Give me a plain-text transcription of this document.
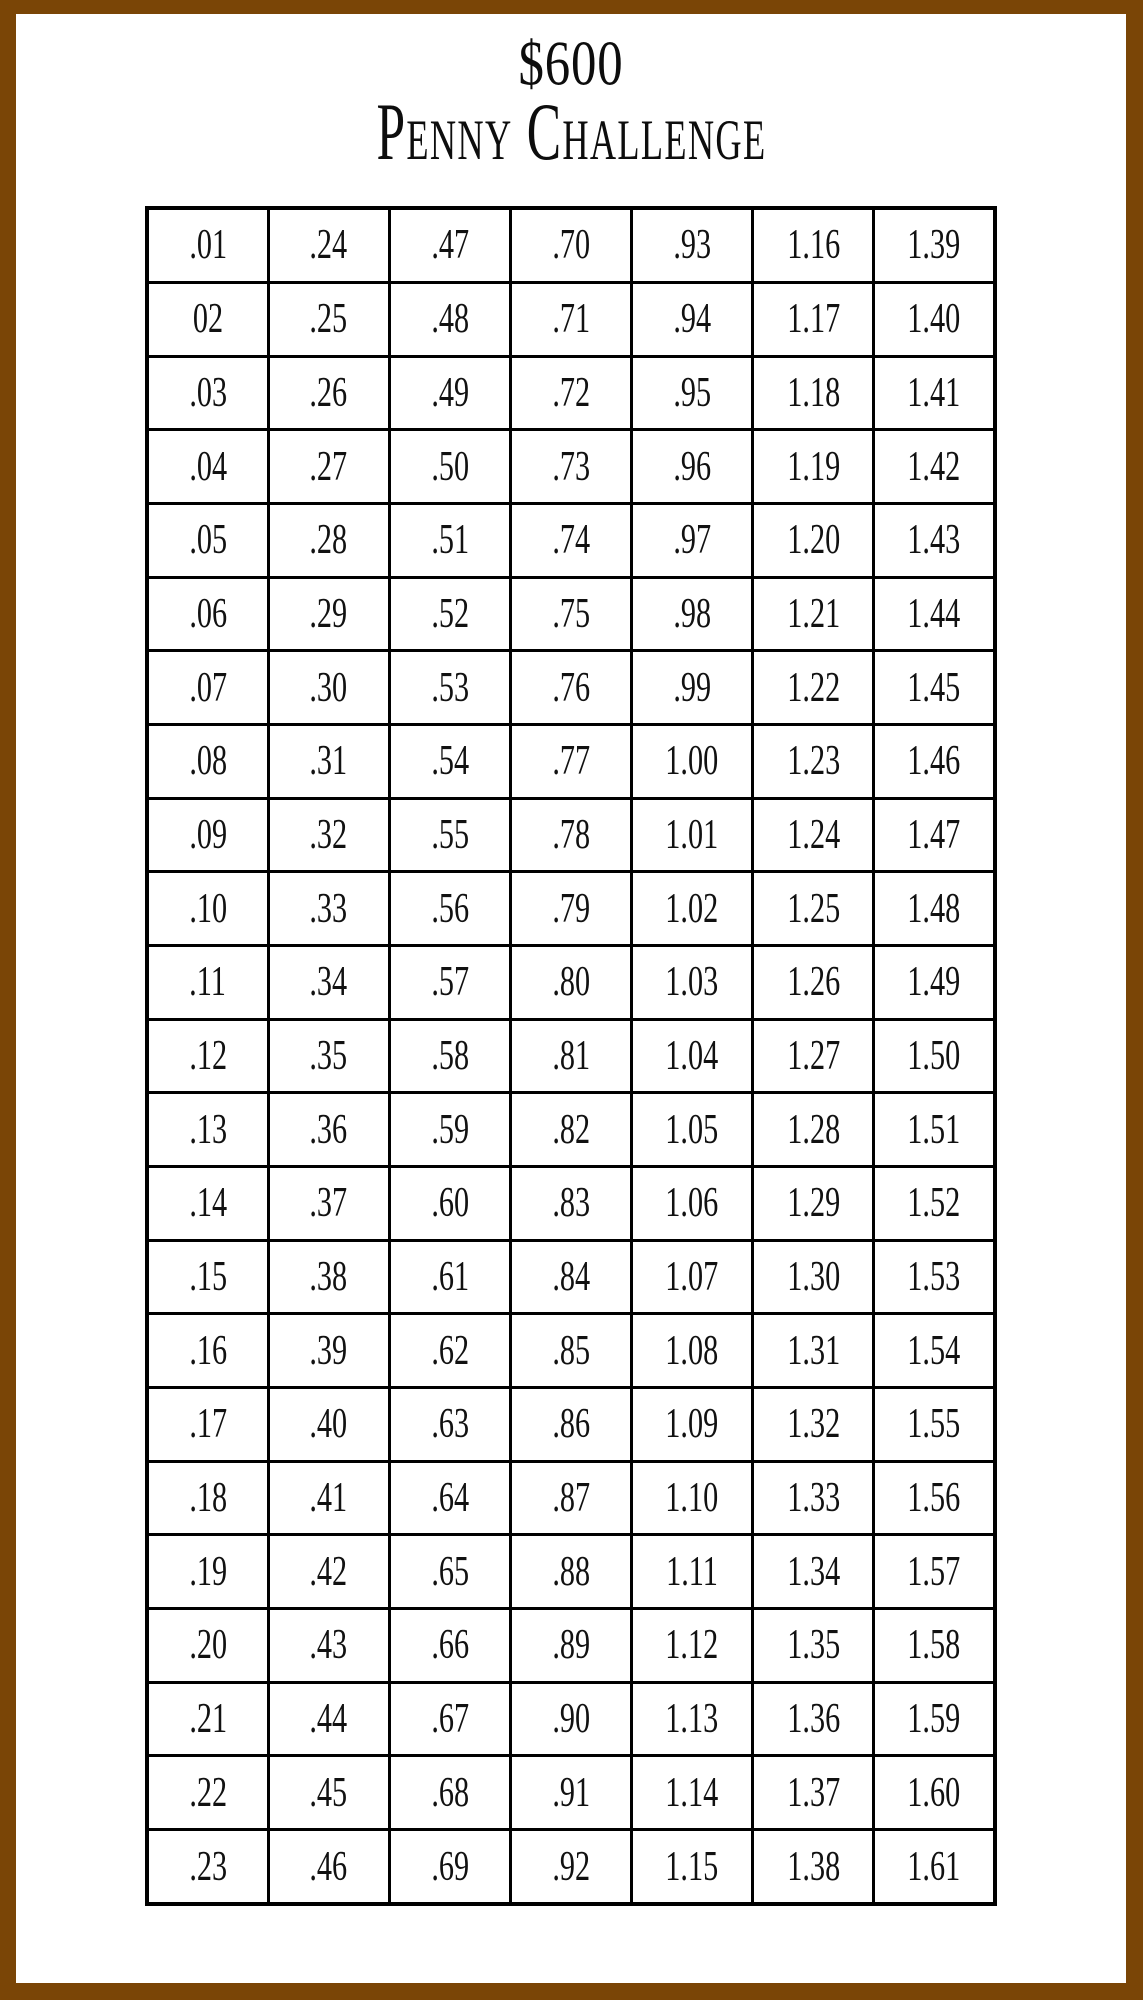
$600
Penny Challenge
.01	.24	.47	.70	.93	1.16	1.39
02	.25	.48	.71	.94	1.17	1.40
.03	.26	.49	.72	.95	1.18	1.41
.04	.27	.50	.73	.96	1.19	1.42
.05	.28	.51	.74	.97	1.20	1.43
.06	.29	.52	.75	.98	1.21	1.44
.07	.30	.53	.76	.99	1.22	1.45
.08	.31	.54	.77	1.00	1.23	1.46
.09	.32	.55	.78	1.01	1.24	1.47
.10	.33	.56	.79	1.02	1.25	1.48
.11	.34	.57	.80	1.03	1.26	1.49
.12	.35	.58	.81	1.04	1.27	1.50
.13	.36	.59	.82	1.05	1.28	1.51
.14	.37	.60	.83	1.06	1.29	1.52
.15	.38	.61	.84	1.07	1.30	1.53
.16	.39	.62	.85	1.08	1.31	1.54
.17	.40	.63	.86	1.09	1.32	1.55
.18	.41	.64	.87	1.10	1.33	1.56
.19	.42	.65	.88	1.11	1.34	1.57
.20	.43	.66	.89	1.12	1.35	1.58
.21	.44	.67	.90	1.13	1.36	1.59
.22	.45	.68	.91	1.14	1.37	1.60
.23	.46	.69	.92	1.15	1.38	1.61
